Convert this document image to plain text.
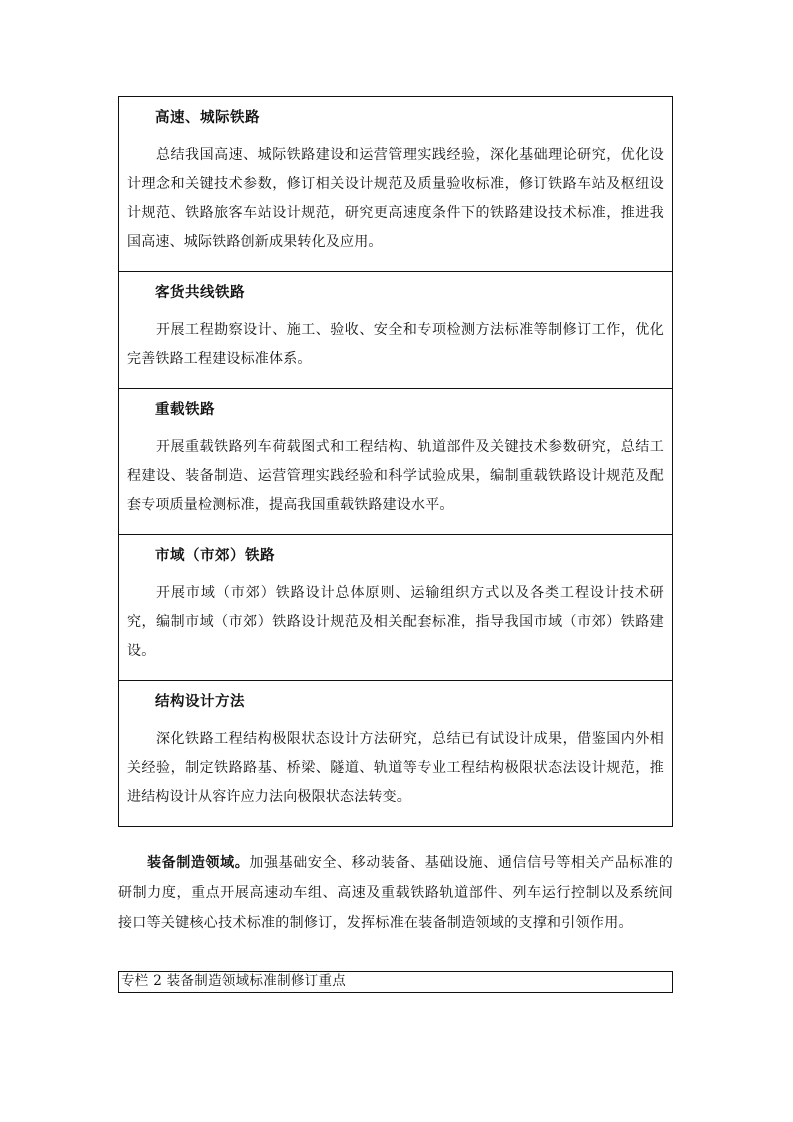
高速、城际铁路

总结我国高速、城际铁路建设和运营管理实践经验，深化基础理论研究，优化设计理念和关键技术参数，修订相关设计规范及质量验收标准，修订铁路车站及枢纽设计规范、铁路旅客车站设计规范，研究更高速度条件下的铁路建设技术标准，推进我国高速、城际铁路创新成果转化及应用。

客货共线铁路

开展工程勘察设计、施工、验收、安全和专项检测方法标准等制修订工作，优化完善铁路工程建设标准体系。

重载铁路

开展重载铁路列车荷载图式和工程结构、轨道部件及关键技术参数研究，总结工程建设、装备制造、运营管理实践经验和科学试验成果，编制重载铁路设计规范及配套专项质量检测标准，提高我国重载铁路建设水平。

市域（市郊）铁路

开展市域（市郊）铁路设计总体原则、运输组织方式以及各类工程设计技术研究，编制市域（市郊）铁路设计规范及相关配套标准，指导我国市域（市郊）铁路建设。

结构设计方法

深化铁路工程结构极限状态设计方法研究，总结已有试设计成果，借鉴国内外相关经验，制定铁路路基、桥梁、隧道、轨道等专业工程结构极限状态法设计规范，推进结构设计从容许应力法向极限状态法转变。

装备制造领域。加强基础安全、移动装备、基础设施、通信信号等相关产品标准的研制力度，重点开展高速动车组、高速及重载铁路轨道部件、列车运行控制以及系统间接口等关键核心技术标准的制修订，发挥标准在装备制造领域的支撑和引领作用。

专栏 2 装备制造领域标准制修订重点
